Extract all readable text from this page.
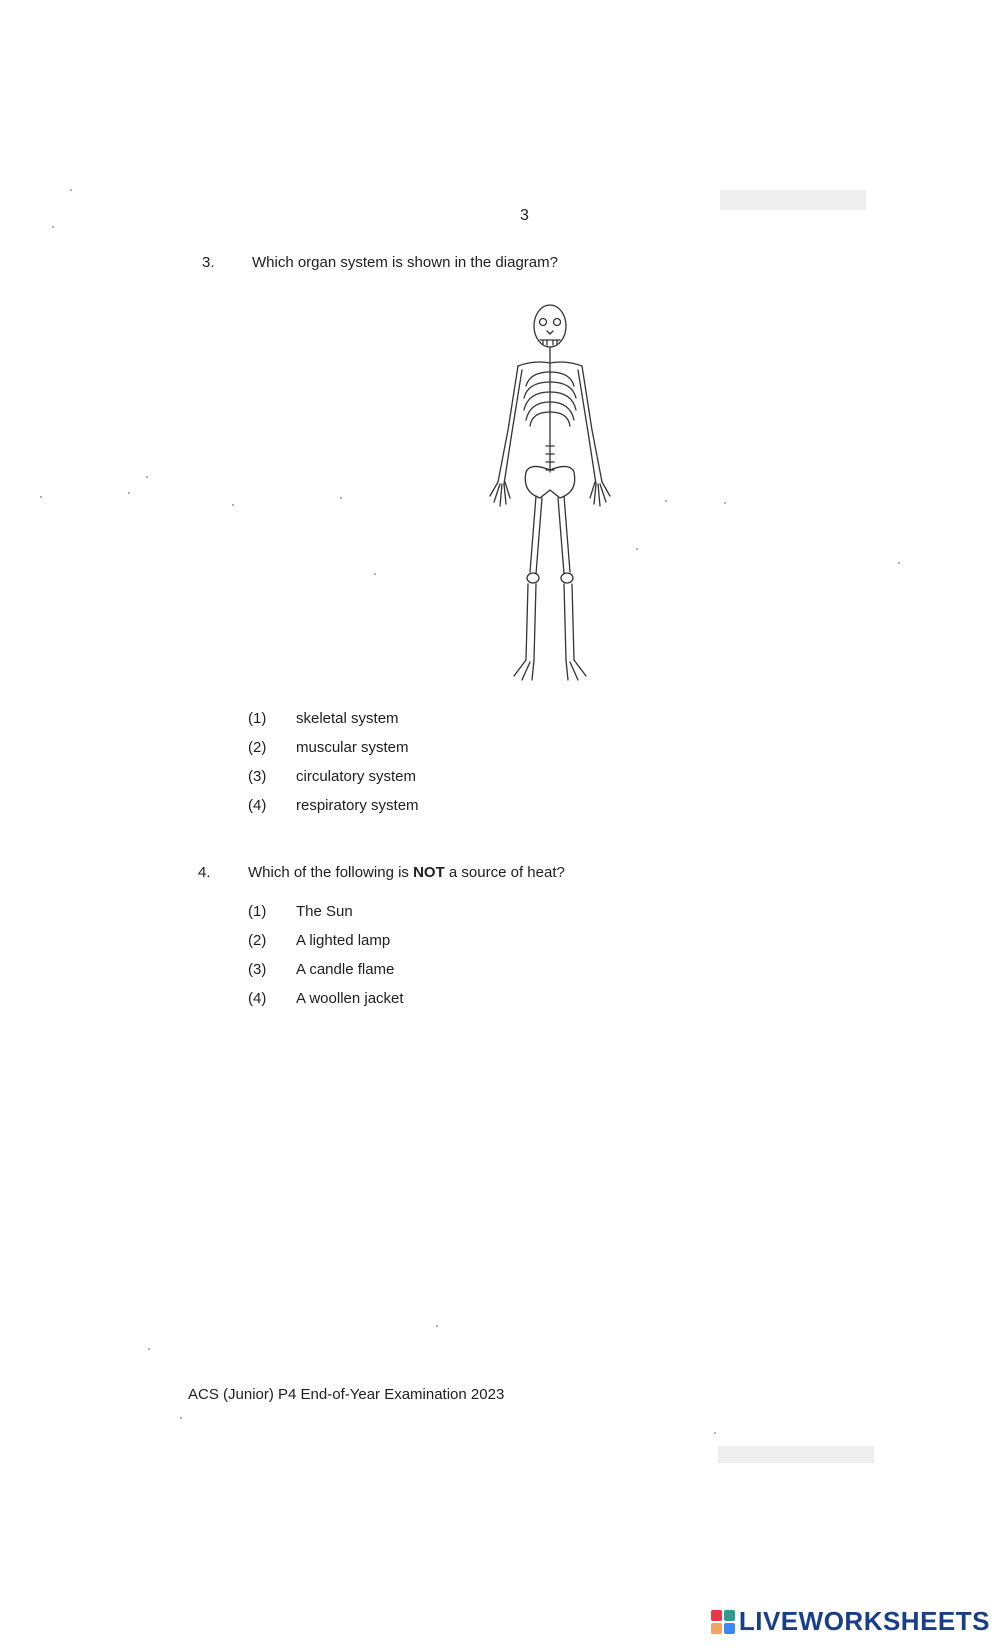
3
3. Which organ system is shown in the diagram?
(1) skeletal system
(2) muscular system
(3) circulatory system
(4) respiratory system
4. Which of the following is NOT a source of heat?
(1) The Sun
(2) A lighted lamp
(3) A candle flame
(4) A woollen jacket
ACS (Junior) P4 End-of-Year Examination 2023
LIVEWORKSHEETS
